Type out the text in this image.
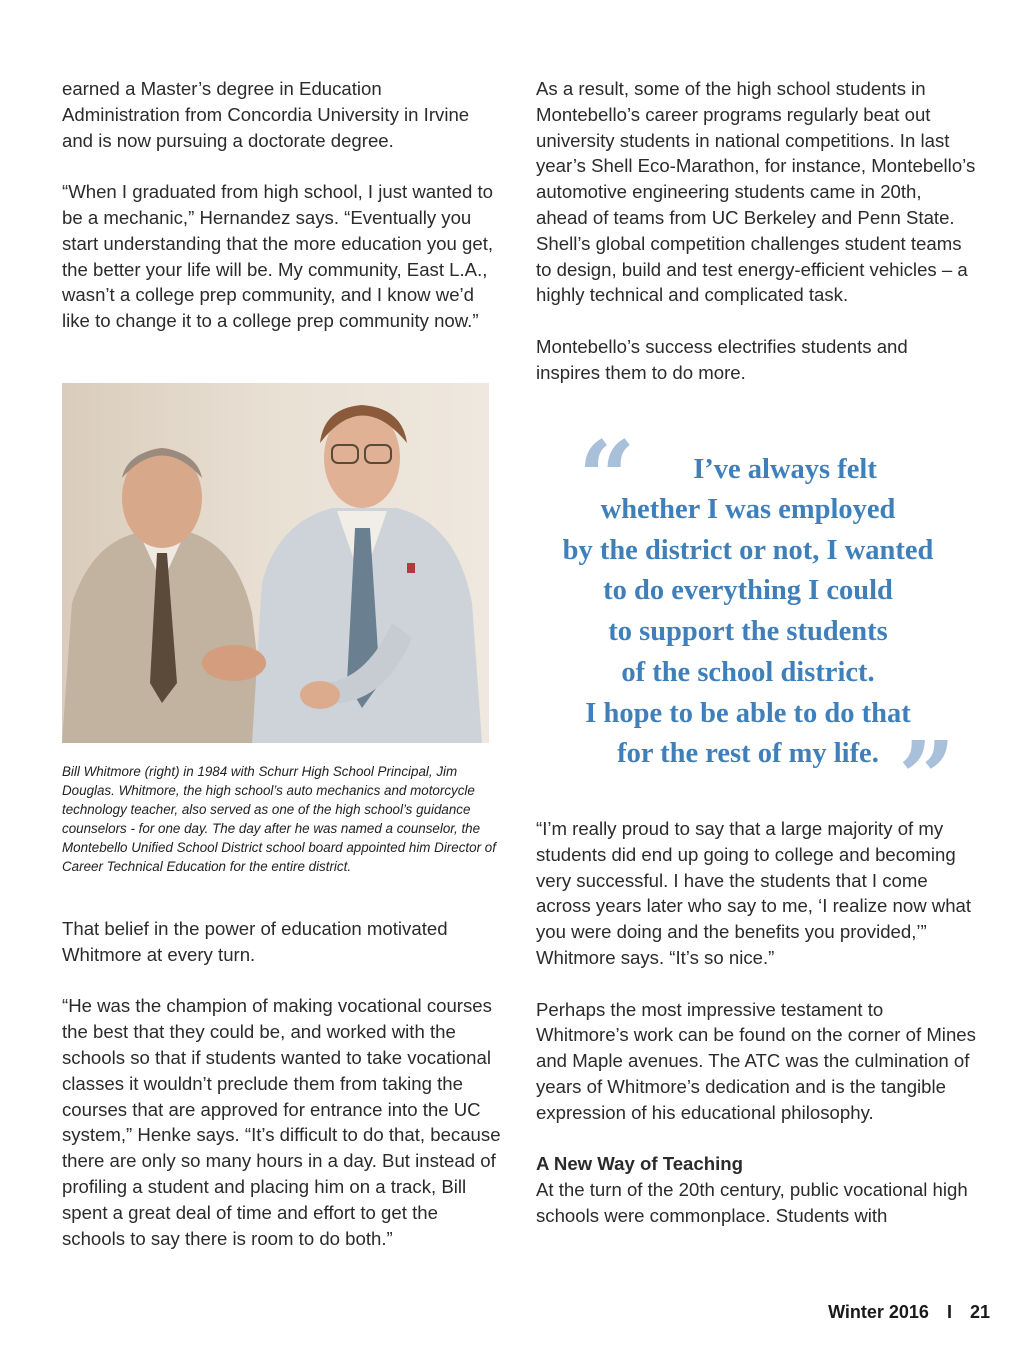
earned a Master’s degree in Education Administration from Concordia University in Irvine and is now pursuing a doctorate degree.

“When I graduated from high school, I just wanted to be a mechanic,” Hernandez says. “Eventually you start understanding that the more education you get, the better your life will be. My community, East L.A., wasn’t a college prep community, and I know we’d like to change it to a college prep community now.”

Bill Whitmore (right) in 1984 with Schurr High School Principal, Jim Douglas. Whitmore, the high school’s auto mechanics and motorcycle technology teacher, also served as one of the high school’s guidance counselors - for one day. The day after he was named a counselor, the Montebello Unified School District school board appointed him Director of Career Technical Education for the entire district.

That belief in the power of education motivated Whitmore at every turn.

“He was the champion of making vocational courses the best that they could be, and worked with the schools so that if students wanted to take vocational classes it wouldn’t preclude them from taking the courses that are approved for entrance into the UC system,” Henke says. “It’s difficult to do that, because there are only so many hours in a day. But instead of profiling a student and placing him on a track, Bill spent a great deal of time and effort to get the schools to say there is room to do both.”

As a result, some of the high school students in Montebello’s career programs regularly beat out university students in national competitions. In last year’s Shell Eco-Marathon, for instance, Montebello’s automotive engineering students came in 20th, ahead of teams from UC Berkeley and Penn State. Shell’s global competition challenges student teams to design, build and test energy-efficient vehicles – a highly technical and complicated task.

Montebello’s success electrifies students and inspires them to do more.

“	I’ve always felt
whether I was employed
by the district or not, I wanted
to do everything I could
to support the students
of the school district.
I hope to be able to do that
for the rest of my life. ”

“I’m really proud to say that a large majority of my students did end up going to college and becoming very successful. I have the students that I come across years later who say to me, ‘I realize now what you were doing and the benefits you provided,’” Whitmore says. “It’s so nice.”

Perhaps the most impressive testament to Whitmore’s work can be found on the corner of Mines and Maple avenues. The ATC was the culmination of years of Whitmore’s dedication and is the tangible expression of his educational philosophy.

A New Way of Teaching

At the turn of the 20th century, public vocational high schools were commonplace. Students with

Winter 2016 I 21
